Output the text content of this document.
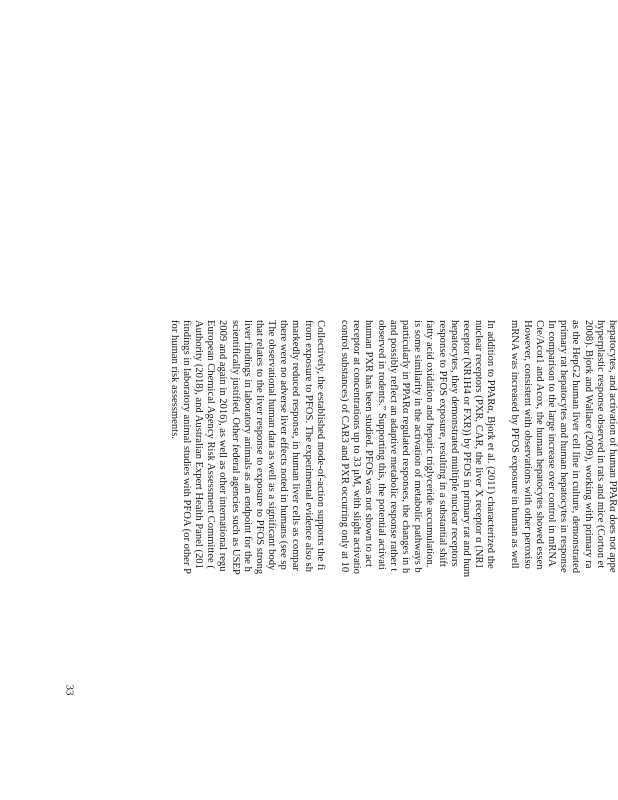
hepatocytes, and activation of human PPARα does not appe
hyperplastic response observed in rats and mice (Corton et
2008). Bjork and Wallace (2009), working with primary ra
as the HepG2 human liver cell line in culture, demonstrated
primary rat hepatocytes and human hepatocytes in response
In comparison to the large increase over control in mRNA
Cte/Acot1 and Acox, the human hepatocytes showed essen
However, consistent with observations with other peroxiso
mRNA was increased by PFOS exposure in human as well
In addition to PPARα, Bjork et al. (2011) characterized the
nuclear receptors (PXR, CAR, the liver X receptor α (NR1
receptor (NR1H4 or FXR)) by PFOS in primary rat and hum
hepatocytes, they demonstrated multiple nuclear receptors
response to PFOS exposure, resulting in a substantial shift
fatty acid oxidation and hepatic triglyceride accumulation.
is some similarity in the activation of metabolic pathways b
particularly in PPARα regulated responses, the changes in h
and possibly reflect an adaptive metabolic response rather t
observed in rodents.” Supporting this, the potential activati
human PXR has been studied. PFOS was not shown to act
receptor at concentrations up to 33 μM, with slight activatio
control substances) of CAR3 and PXR occurring only at 10
Collectively, the established mode-of-action supports the fi
from exposure to PFOS. The experimental evidence also sh
markedly reduced response, in human liver cells as compar
there were no adverse liver effects noted in humans (see sp
The observational human data as well as a significant body
that relates to the liver response to exposure to PFOS strong
liver findings in laboratory animals as an endpoint for the h
scientifically justified. Other federal agencies such as USEP
2009 and again in 2016), as well as other international regu
European Chemical Agency Risk Assessment Committee (
Authority (2018), and Australian Expert Health Panel (201
findings in laboratory animal studies with PFOA (or other P
for human risk assessments.
33
